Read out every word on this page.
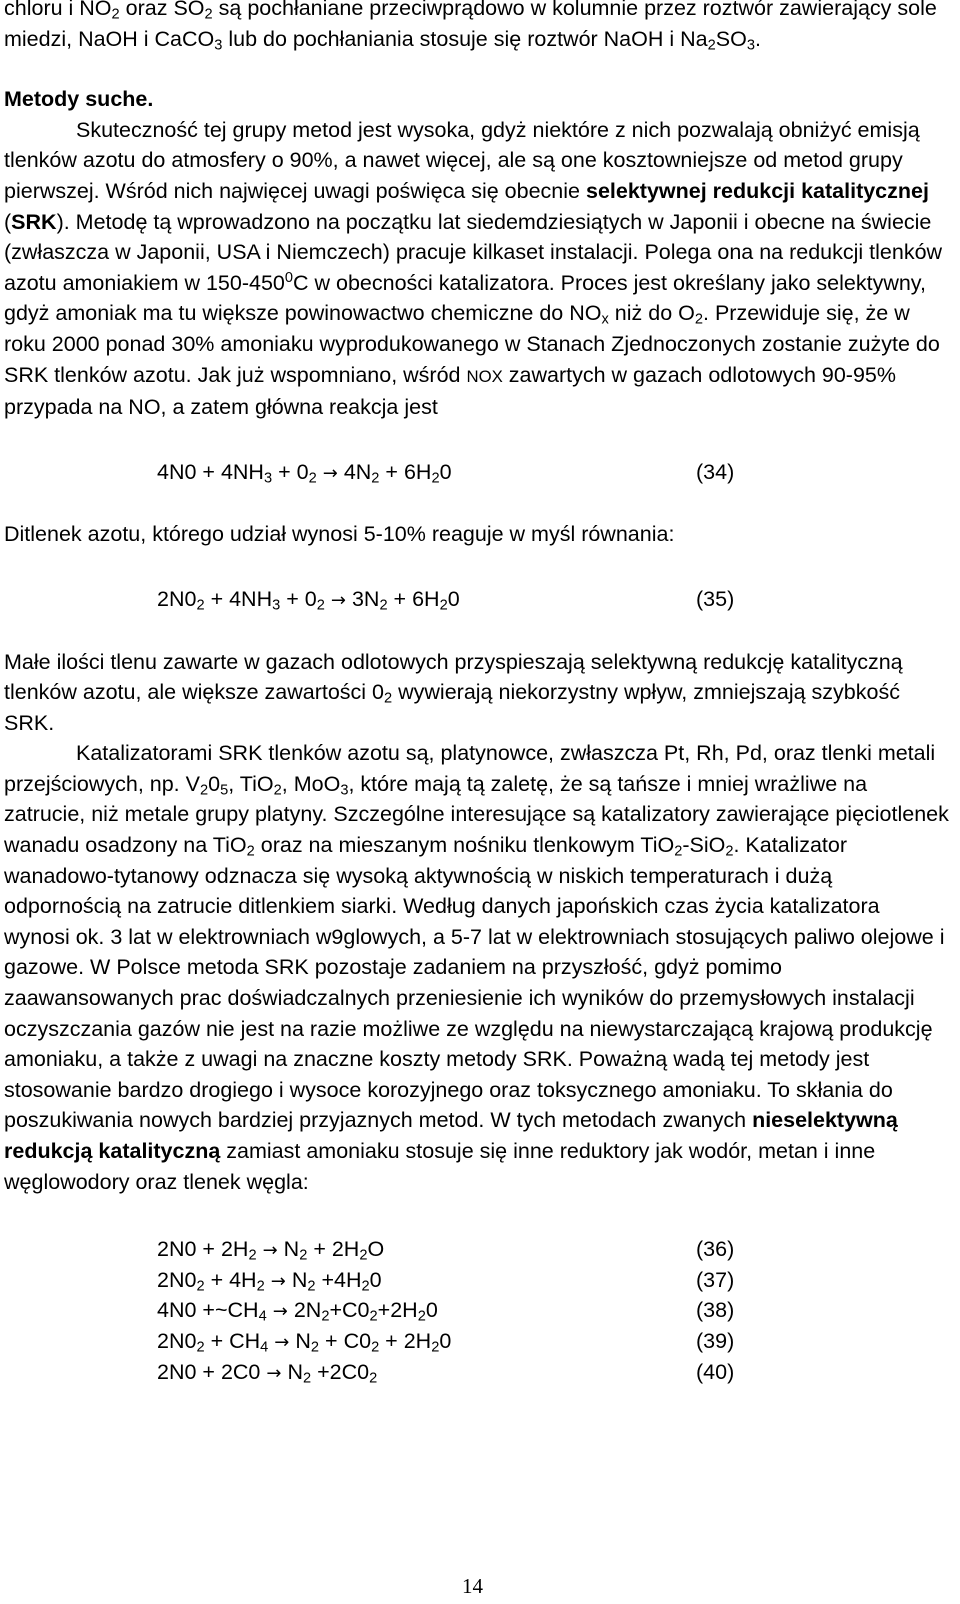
chloru i $NO_2$ oraz $SO_2$ są pochłaniane przeciwprądowo w kolumnie przez roztwór zawierający sole miedzi, NaOH i CaCO$_3$ lub do pochłaniania stosuje się roztwór NaOH i $Na_2SO_3$.

Metody suche.

Skuteczność tej grupy metod jest wysoka, gdyż niektóre z nich pozwalają obniżyć emisją tlenków azotu do atmosfery o 90%, a nawet więcej, ale są one kosztowniejsze od metod grupy pierwszej. Wśród nich najwięcej uwagi poświęca się obecnie selektywnej redukcji katalitycznej (SRK). Metodę tą wprowadzono na początku lat siedemdziesiątych w Japonii i obecne na świecie (zwłaszcza w Japonii, USA i Niemczech) pracuje kilkaset instalacji. Polega ona na redukcji tlenków azotu amoniakiem w $150-450^0C$ w obecności katalizatora. Proces jest określany jako selektywny, gdyż amoniak ma tu większe powinowactwo chemiczne do $NO_x$ niż do $O_2$. Przewiduje się, że w roku 2000 ponad 30% amoniaku wyprodukowanego w Stanach Zjednoczonych zostanie zużyte do SRK tlenków azotu. Jak już wspomniano, wśród NOX zawartych w gazach odlotowych 90-95% przypada na NO, a zatem główna reakcja jest

$4N0 + 4NH_3 + 0_2 \to 4N_2 + 6H_20$	(34)

Ditlenek azotu, którego udział wynosi 5-10% reaguje w myśl równania:

$2N0_2 + 4NH_3 + 0_2 \to 3N_2 + 6H_20$	(35)

Małe ilości tlenu zawarte w gazach odlotowych przyspieszają selektywną redukcję katalityczną tlenków azotu, ale większe zawartości $0_2$ wywierają niekorzystny wpływ, zmniejszają szybkość SRK.

Katalizatorami SRK tlenków azotu są, platynowce, zwłaszcza Pt, Rh, Pd, oraz tlenki metali przejściowych, np. $V_20_5$, TiO$_2$, MoO$_3$, które mają tą zaletę, że są tańsze i mniej wrażliwe na zatrucie, niż metale grupy platyny. Szczególne interesujące są katalizatory zawierające pięciotlenek wanadu osadzony na TiO$_2$ oraz na mieszanym nośniku tlenkowym TiO$_2$-SiO$_2$. Katalizator wanadowo-tytanowy odznacza się wysoką aktywnością w niskich temperaturach i dużą odpornością na zatrucie ditlenkiem siarki. Według danych japońskich czas życia katalizatora wynosi ok. 3 lat w elektrowniach w9glowych, a 5-7 lat w elektrowniach stosujących paliwo olejowe i gazowe. W Polsce metoda SRK pozostaje zadaniem na przyszłość, gdyż pomimo zaawansowanych prac doświadczalnych przeniesienie ich wyników do przemysłowych instalacji oczyszczania gazów nie jest na razie możliwe ze względu na niewystarczającą krajową produkcję amoniaku, a także z uwagi na znaczne koszty metody SRK. Poważną wadą tej metody jest stosowanie bardzo drogiego i wysoce korozyjnego oraz toksycznego amoniaku. To skłania do poszukiwania nowych bardziej przyjaznych metod. W tych metodach zwanych nieselektywną redukcją katalityczną zamiast amoniaku stosuje się inne reduktory jak wodór, metan i inne węglowodory oraz tlenek węgla:

$2N0 + 2H_2 \to N_2 + 2H_2O$	(36)
$2N0_2 + 4H_2 \to N_2 +4H_20$	(37)
$4N0 +\sim CH_4 \to 2N_2+C0_2+2H_20$	(38)
$2N0_2 + CH_4 \to N_2 + C0_2 + 2H_20$	(39)
$2N0 + 2C0 \to N_2 +2C0_2$	(40)
14
